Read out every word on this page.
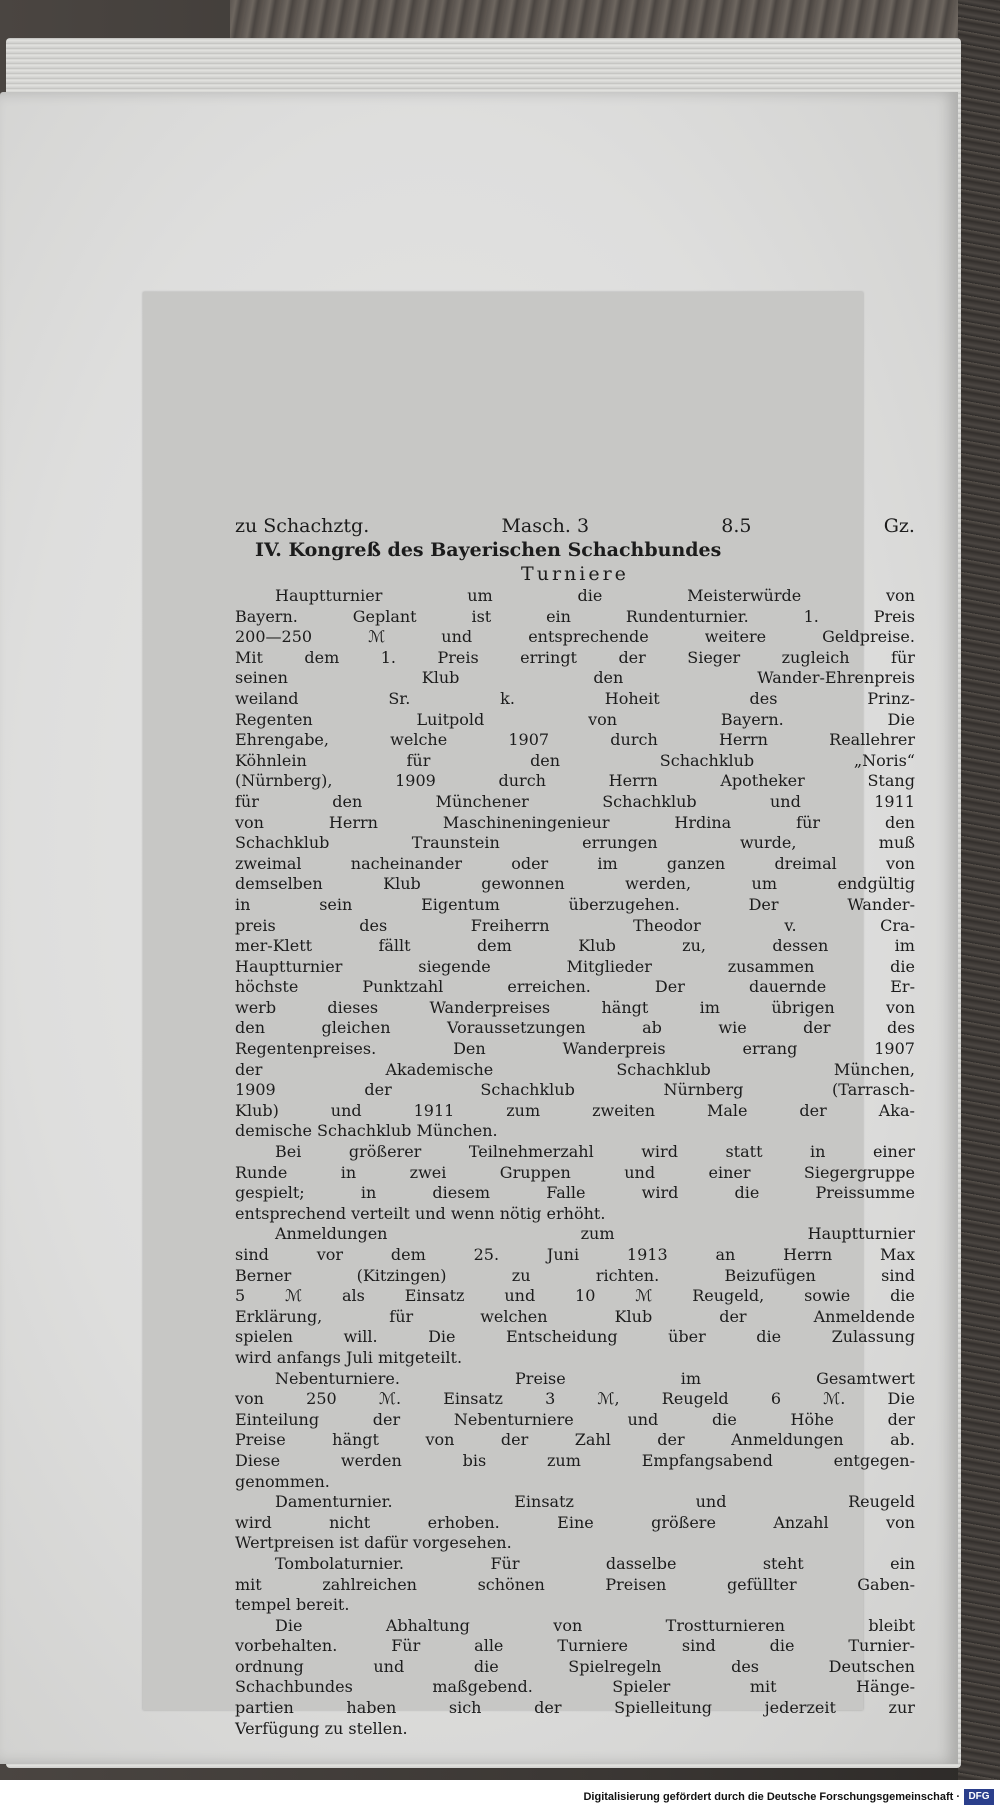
zu Schachztg.	Masch. 3	8.5	Gz.
IV. Kongreß des Bayerischen Schachbundes
Turniere
Hauptturnier	um	die	Meisterwürde	von
Bayern.	Geplant	ist	ein	Rundenturnier.	1.	Preis
200—250	ℳ	und	entsprechende	weitere	Geldpreise.
Mit	dem	1.	Preis	erringt	der	Sieger	zugleich	für
seinen	Klub	den	Wander-Ehrenpreis
weiland	Sr.	k.	Hoheit	des	Prinz-
Regenten	Luitpold	von	Bayern.	Die
Ehrengabe,	welche	1907	durch	Herrn	Reallehrer
Köhnlein	für	den	Schachklub	„Noris“
(Nürnberg),	1909	durch	Herrn	Apotheker	Stang
für	den	Münchener	Schachklub	und	1911
von	Herrn	Maschineningenieur	Hrdina	für	den
Schachklub	Traunstein	errungen	wurde,	muß
zweimal	nacheinander	oder	im	ganzen	dreimal	von
demselben	Klub	gewonnen	werden,	um	endgültig
in	sein	Eigentum	überzugehen.	Der	Wander-
preis	des	Freiherrn	Theodor	v.	Cra-
mer-Klett	fällt	dem	Klub	zu,	dessen	im
Hauptturnier	siegende	Mitglieder	zusammen	die
höchste	Punktzahl	erreichen.	Der	dauernde	Er-
werb	dieses	Wanderpreises	hängt	im	übrigen	von
den	gleichen	Voraussetzungen	ab	wie	der	des
Regentenpreises.	Den	Wanderpreis	errang	1907
der	Akademische	Schachklub	München,
1909	der	Schachklub	Nürnberg	(Tarrasch-
Klub)	und	1911	zum	zweiten	Male	der	Aka-
demische Schachklub München.
Bei	größerer	Teilnehmerzahl	wird	statt	in	einer
Runde	in	zwei	Gruppen	und	einer	Siegergruppe
gespielt;	in	diesem	Falle	wird	die	Preissumme
entsprechend verteilt und wenn nötig erhöht.
Anmeldungen	zum	Hauptturnier
sind	vor	dem	25.	Juni	1913	an	Herrn	Max
Berner	(Kitzingen)	zu	richten.	Beizufügen	sind
5 ℳ als Einsatz und 10 ℳ Reugeld, sowie die
Erklärung,	für	welchen	Klub	der	Anmeldende
spielen	will.	Die	Entscheidung	über	die	Zulassung
wird anfangs Juli mitgeteilt.
Nebenturniere.	Preise	im	Gesamtwert
von	250	ℳ.	Einsatz	3	ℳ,	Reugeld	6	ℳ.	Die
Einteilung	der	Nebenturniere	und	die	Höhe	der
Preise	hängt	von	der	Zahl	der	Anmeldungen	ab.
Diese	werden	bis	zum	Empfangsabend	entgegen-
genommen.
Damenturnier.	Einsatz	und	Reugeld
wird	nicht	erhoben.	Eine	größere	Anzahl	von
Wertpreisen ist dafür vorgesehen.
Tombolaturnier.	Für	dasselbe	steht	ein
mit	zahlreichen	schönen	Preisen	gefüllter	Gaben-
tempel bereit.
Die	Abhaltung	von	Trostturnieren	bleibt
vorbehalten.	Für	alle	Turniere	sind	die	Turnier-
ordnung	und	die	Spielregeln	des	Deutschen
Schachbundes	maßgebend.	Spieler	mit	Hänge-
partien	haben	sich	der	Spielleitung	jederzeit	zur
Verfügung zu stellen.
Digitalisierung gefördert durch die Deutsche Forschungsgemeinschaft · DFG
